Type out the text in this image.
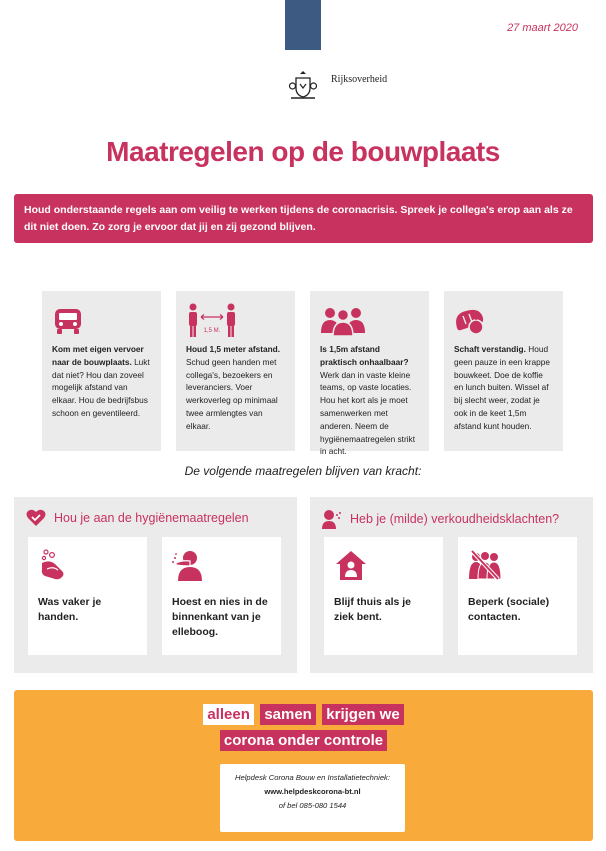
Rijksoverheid
27 maart 2020
Maatregelen op de bouwplaats
Houd onderstaande regels aan om veilig te werken tijdens de coronacrisis. Spreek je collega's erop aan als ze dit niet doen. Zo zorg je ervoor dat jij en zij gezond blijven.
Kom met eigen vervoer naar de bouwplaats. Lukt dat niet? Hou dan zoveel mogelijk afstand van elkaar. Hou de bedrijfsbus schoon en geventileerd.
1,5 M.
Houd 1,5 meter afstand. Schud geen handen met collega's, bezoekers en leveranciers. Voer werkoverleg op minimaal twee armlengtes van elkaar.
Is 1,5m afstand praktisch onhaalbaar? Werk dan in vaste kleine teams, op vaste locaties. Hou het kort als je moet samenwerken met anderen. Neem de hygiënemaatregelen strikt in acht.
Schaft verstandig. Houd geen pauze in een krappe bouwkeet. Doe de koffie en lunch buiten. Wissel af bij slecht weer, zodat je ook in de keet 1,5m afstand kunt houden.
De volgende maatregelen blijven van kracht:
Hou je aan de hygiënemaatregelen
Was vaker je handen.
Hoest en nies in de binnenkant van je elleboog.
Heb je (milde) verkoudheidsklachten?
Blijf thuis als je ziek bent.
Beperk (sociale) contacten.
alleen samen krijgen we
corona onder controle
Helpdesk Corona Bouw en Installatietechniek:
www.helpdeskcorona-bt.nl
of bel 085-080 1544
